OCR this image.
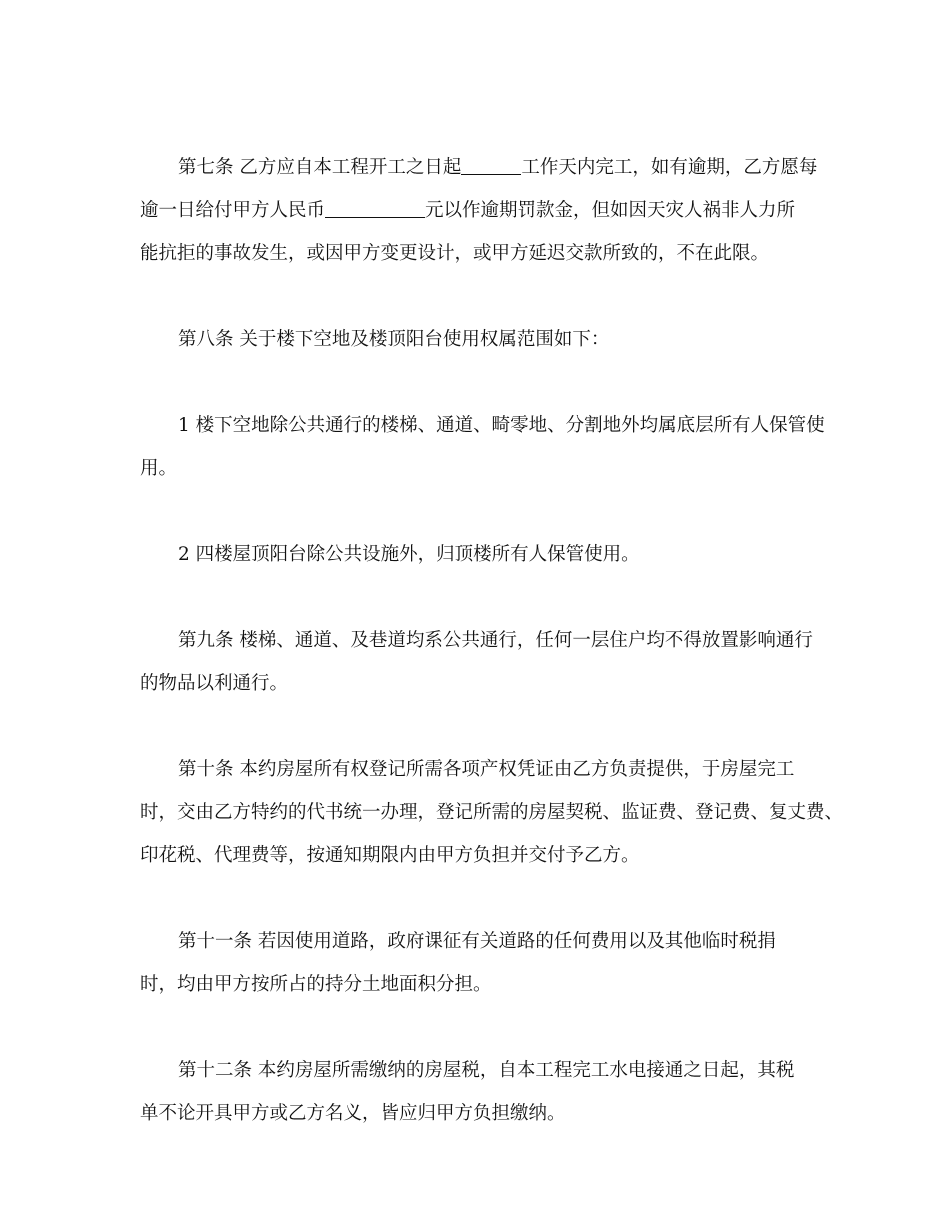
第七条 乙方应自本工程开工之日起	工作天内完工，如有逾期，乙方愿每
逾一日给付甲方人民币	元以作逾期罚款金，但如因天灾人祸非人力所
能抗拒的事故发生，或因甲方变更设计，或甲方延迟交款所致的，不在此限。

第八条 关于楼下空地及楼顶阳台使用权属范围如下：

1 楼下空地除公共通行的楼梯、通道、畸零地、分割地外均属底层所有人保管使
用。

2 四楼屋顶阳台除公共设施外，归顶楼所有人保管使用。

第九条 楼梯、通道、及巷道均系公共通行，任何一层住户均不得放置影响通行
的物品以利通行。

第十条 本约房屋所有权登记所需各项产权凭证由乙方负责提供，于房屋完工
时，交由乙方特约的代书统一办理，登记所需的房屋契税、监证费、登记费、复丈费、
印花税、代理费等，按通知期限内由甲方负担并交付予乙方。

第十一条 若因使用道路，政府课征有关道路的任何费用以及其他临时税捐
时，均由甲方按所占的持分土地面积分担。

第十二条 本约房屋所需缴纳的房屋税，自本工程完工水电接通之日起，其税
单不论开具甲方或乙方名义，皆应归甲方负担缴纳。
